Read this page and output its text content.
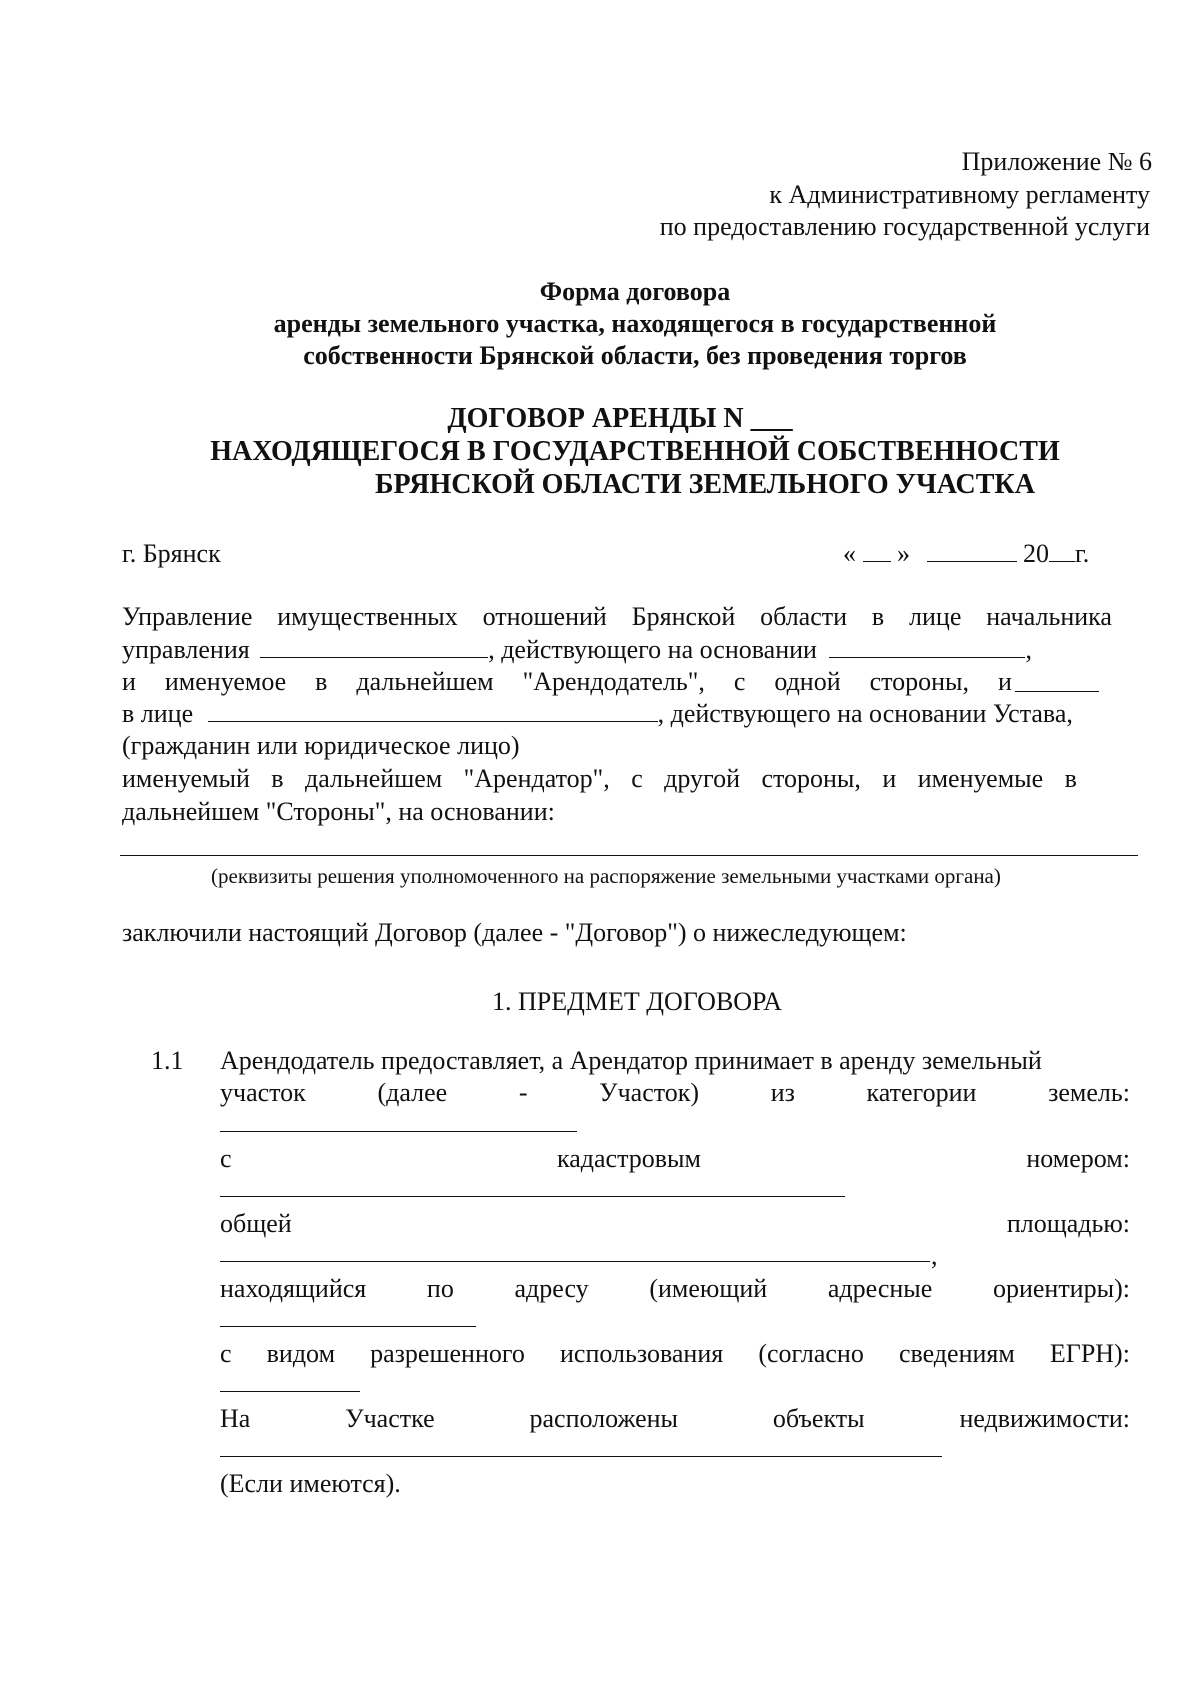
Приложение № 6
к Административному регламенту
по предоставлению государственной услуги
Форма договора
аренды земельного участка, находящегося в государственной
собственности Брянской области, без проведения торгов
ДОГОВОР АРЕНДЫ N ___
НАХОДЯЩЕГОСЯ В ГОСУДАРСТВЕННОЙ СОБСТВЕННОСТИ
БРЯНСКОЙ ОБЛАСТИ ЗЕМЕЛЬНОГО УЧАСТКА
г. Брянск	« »	20 г.
Управление имущественных отношений Брянской области в лице начальника
управления	, действующего на основании	,
и именуемое в дальнейшем "Арендодатель", с одной стороны, и
в лице	, действующего на основании Устава,
(гражданин или юридическое лицо)
именуемый в дальнейшем "Арендатор", с другой стороны, и именуемые в
дальнейшем "Стороны", на основании:
(реквизиты решения уполномоченного на распоряжение земельными участками органа)
заключили настоящий Договор (далее - "Договор") о нижеследующем:
1. ПРЕДМЕТ ДОГОВОРА
1.1 Арендодатель предоставляет, а Арендатор принимает в аренду земельный
участок	(далее	-	Участок)	из	категории	земель:
с	кадастровым	номером:
общей	площадью:
,
находящийся по адресу (имеющий адресные ориентиры):
с видом разрешенного использования (согласно сведениям ЕГРН):
На	Участке	расположены	объекты	недвижимости:
(Если имеются).
